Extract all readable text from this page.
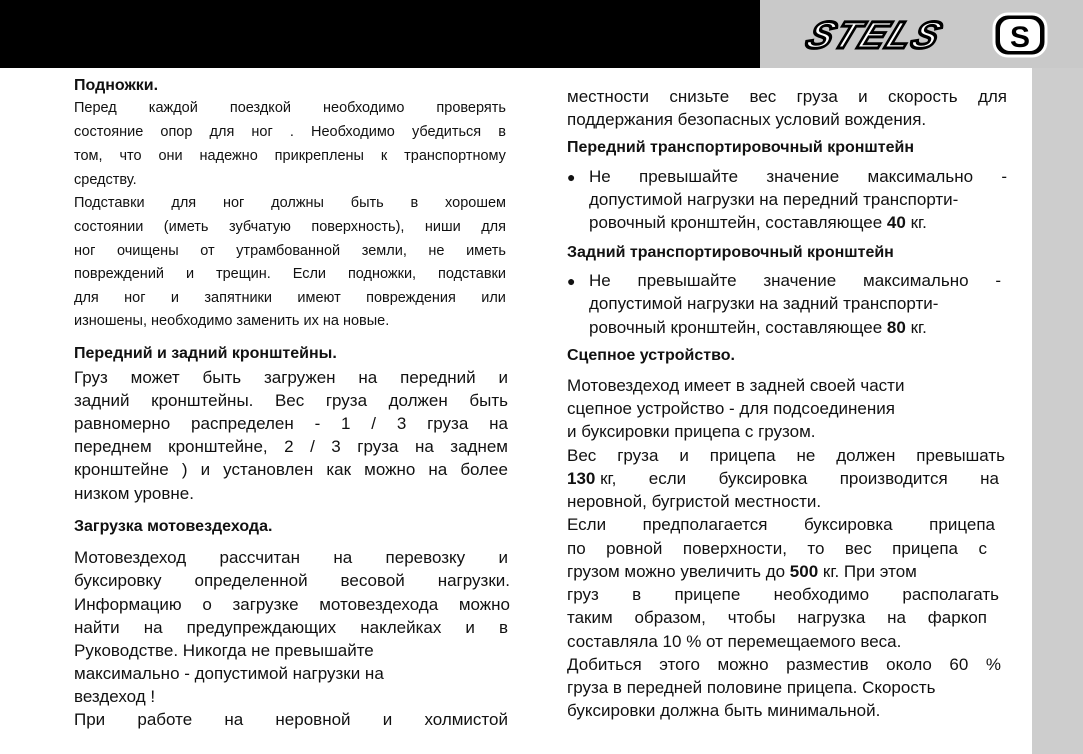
STELS S
Подножки.

Перед каждой поездкой необходимо проверять

состояние опор для ног . Необходимо убедиться в

том, что они надежно прикреплены к транспортному

средству.

Подставки для ног должны быть в хорошем

состоянии (иметь зубчатую поверхность), ниши для

ног очищены от утрамбованной земли, не иметь

повреждений и трещин. Если подножки, подставки

для ног и запятники имеют повреждения или

изношены, необходимо заменить их на новые.

Передний и задний кронштейны.

Груз может быть загружен на передний и

задний кронштейны. Вес груза должен быть

равномерно распределен - 1 / 3 груза на

переднем кронштейне, 2 / 3 груза на заднем

кронштейне ) и установлен как можно на более

низком уровне.

Загрузка мотовездехода.

Мотовездеход рассчитан на перевозку и

буксировку определенной весовой нагрузки.

Информацию о загрузке мотовездехода можно

найти на предупреждающих наклейках и в

Руководстве. Никогда не превышайте

максимально - допустимой нагрузки на

вездеход !

При работе на неровной и холмистой

местности снизьте вес груза и скорость для

поддержания безопасных условий вождения.

Передний транспортировочный кронштейн
● Не превышайте значение максимально -

допустимой нагрузки на передний транспорти-

ровочный кронштейн, составляющее 40 кг.

Задний транспортировочный кронштейн
● Не превышайте значение максимально -

допустимой нагрузки на задний транспорти-

ровочный кронштейн, составляющее 80 кг.

Сцепное устройство.

Мотовездеход имеет в задней своей части

сцепное устройство - для подсоединения

и буксировки прицепа с грузом.

Вес груза и прицепа не должен превышать

130 кг, если буксировка производится на

неровной, бугристой местности.

Если предполагается буксировка прицепа

по ровной поверхности, то вес прицепа с

грузом можно увеличить до 500 кг. При этом

груз в прицепе необходимо располагать

таким образом, чтобы нагрузка на фаркоп

составляла 10 % от перемещаемого веса.

Добиться этого можно разместив около 60 %

груза в передней половине прицепа. Скорость

буксировки должна быть минимальной.
